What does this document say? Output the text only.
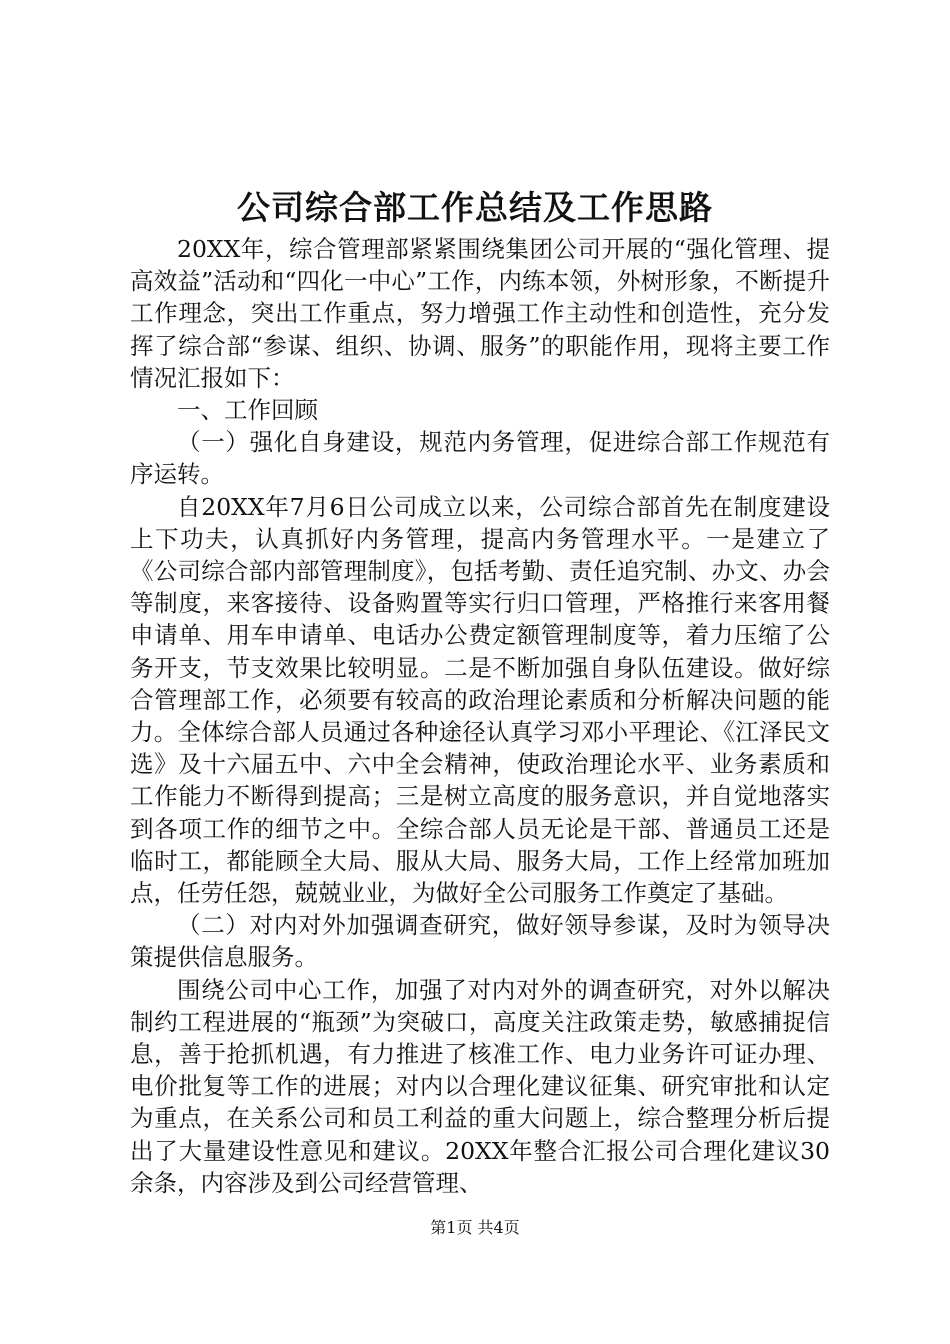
公司综合部工作总结及工作思路

20XX年，综合管理部紧紧围绕集团公司开展的“强化管理、提高效益”活动和“四化一中心”工作，内练本领，外树形象，不断提升工作理念，突出工作重点，努力增强工作主动性和创造性，充分发挥了综合部“参谋、组织、协调、服务”的职能作用，现将主要工作情况汇报如下：

一、工作回顾

（一）强化自身建设，规范内务管理，促进综合部工作规范有序运转。

自20XX年7月6日公司成立以来，公司综合部首先在制度建设上下功夫，认真抓好内务管理，提高内务管理水平。一是建立了《公司综合部内部管理制度》，包括考勤、责任追究制、办文、办会等制度，来客接待、设备购置等实行归口管理，严格推行来客用餐申请单、用车申请单、电话办公费定额管理制度等，着力压缩了公务开支，节支效果比较明显。二是不断加强自身队伍建设。做好综合管理部工作，必须要有较高的政治理论素质和分析解决问题的能力。全体综合部人员通过各种途径认真学习邓小平理论、《江泽民文选》及十六届五中、六中全会精神，使政治理论水平、业务素质和工作能力不断得到提高；三是树立高度的服务意识，并自觉地落实到各项工作的细节之中。全综合部人员无论是干部、普通员工还是临时工，都能顾全大局、服从大局、服务大局，工作上经常加班加点，任劳任怨，兢兢业业，为做好全公司服务工作奠定了基础。

（二）对内对外加强调查研究，做好领导参谋，及时为领导决策提供信息服务。

围绕公司中心工作，加强了对内对外的调查研究，对外以解决制约工程进展的“瓶颈”为突破口，高度关注政策走势，敏感捕捉信息，善于抢抓机遇，有力推进了核准工作、电力业务许可证办理、电价批复等工作的进展；对内以合理化建议征集、研究审批和认定为重点，在关系公司和员工利益的重大问题上，综合整理分析后提出了大量建设性意见和建议。20XX年整合汇报公司合理化建议30余条，内容涉及到公司经营管理、

第1页 共4页
